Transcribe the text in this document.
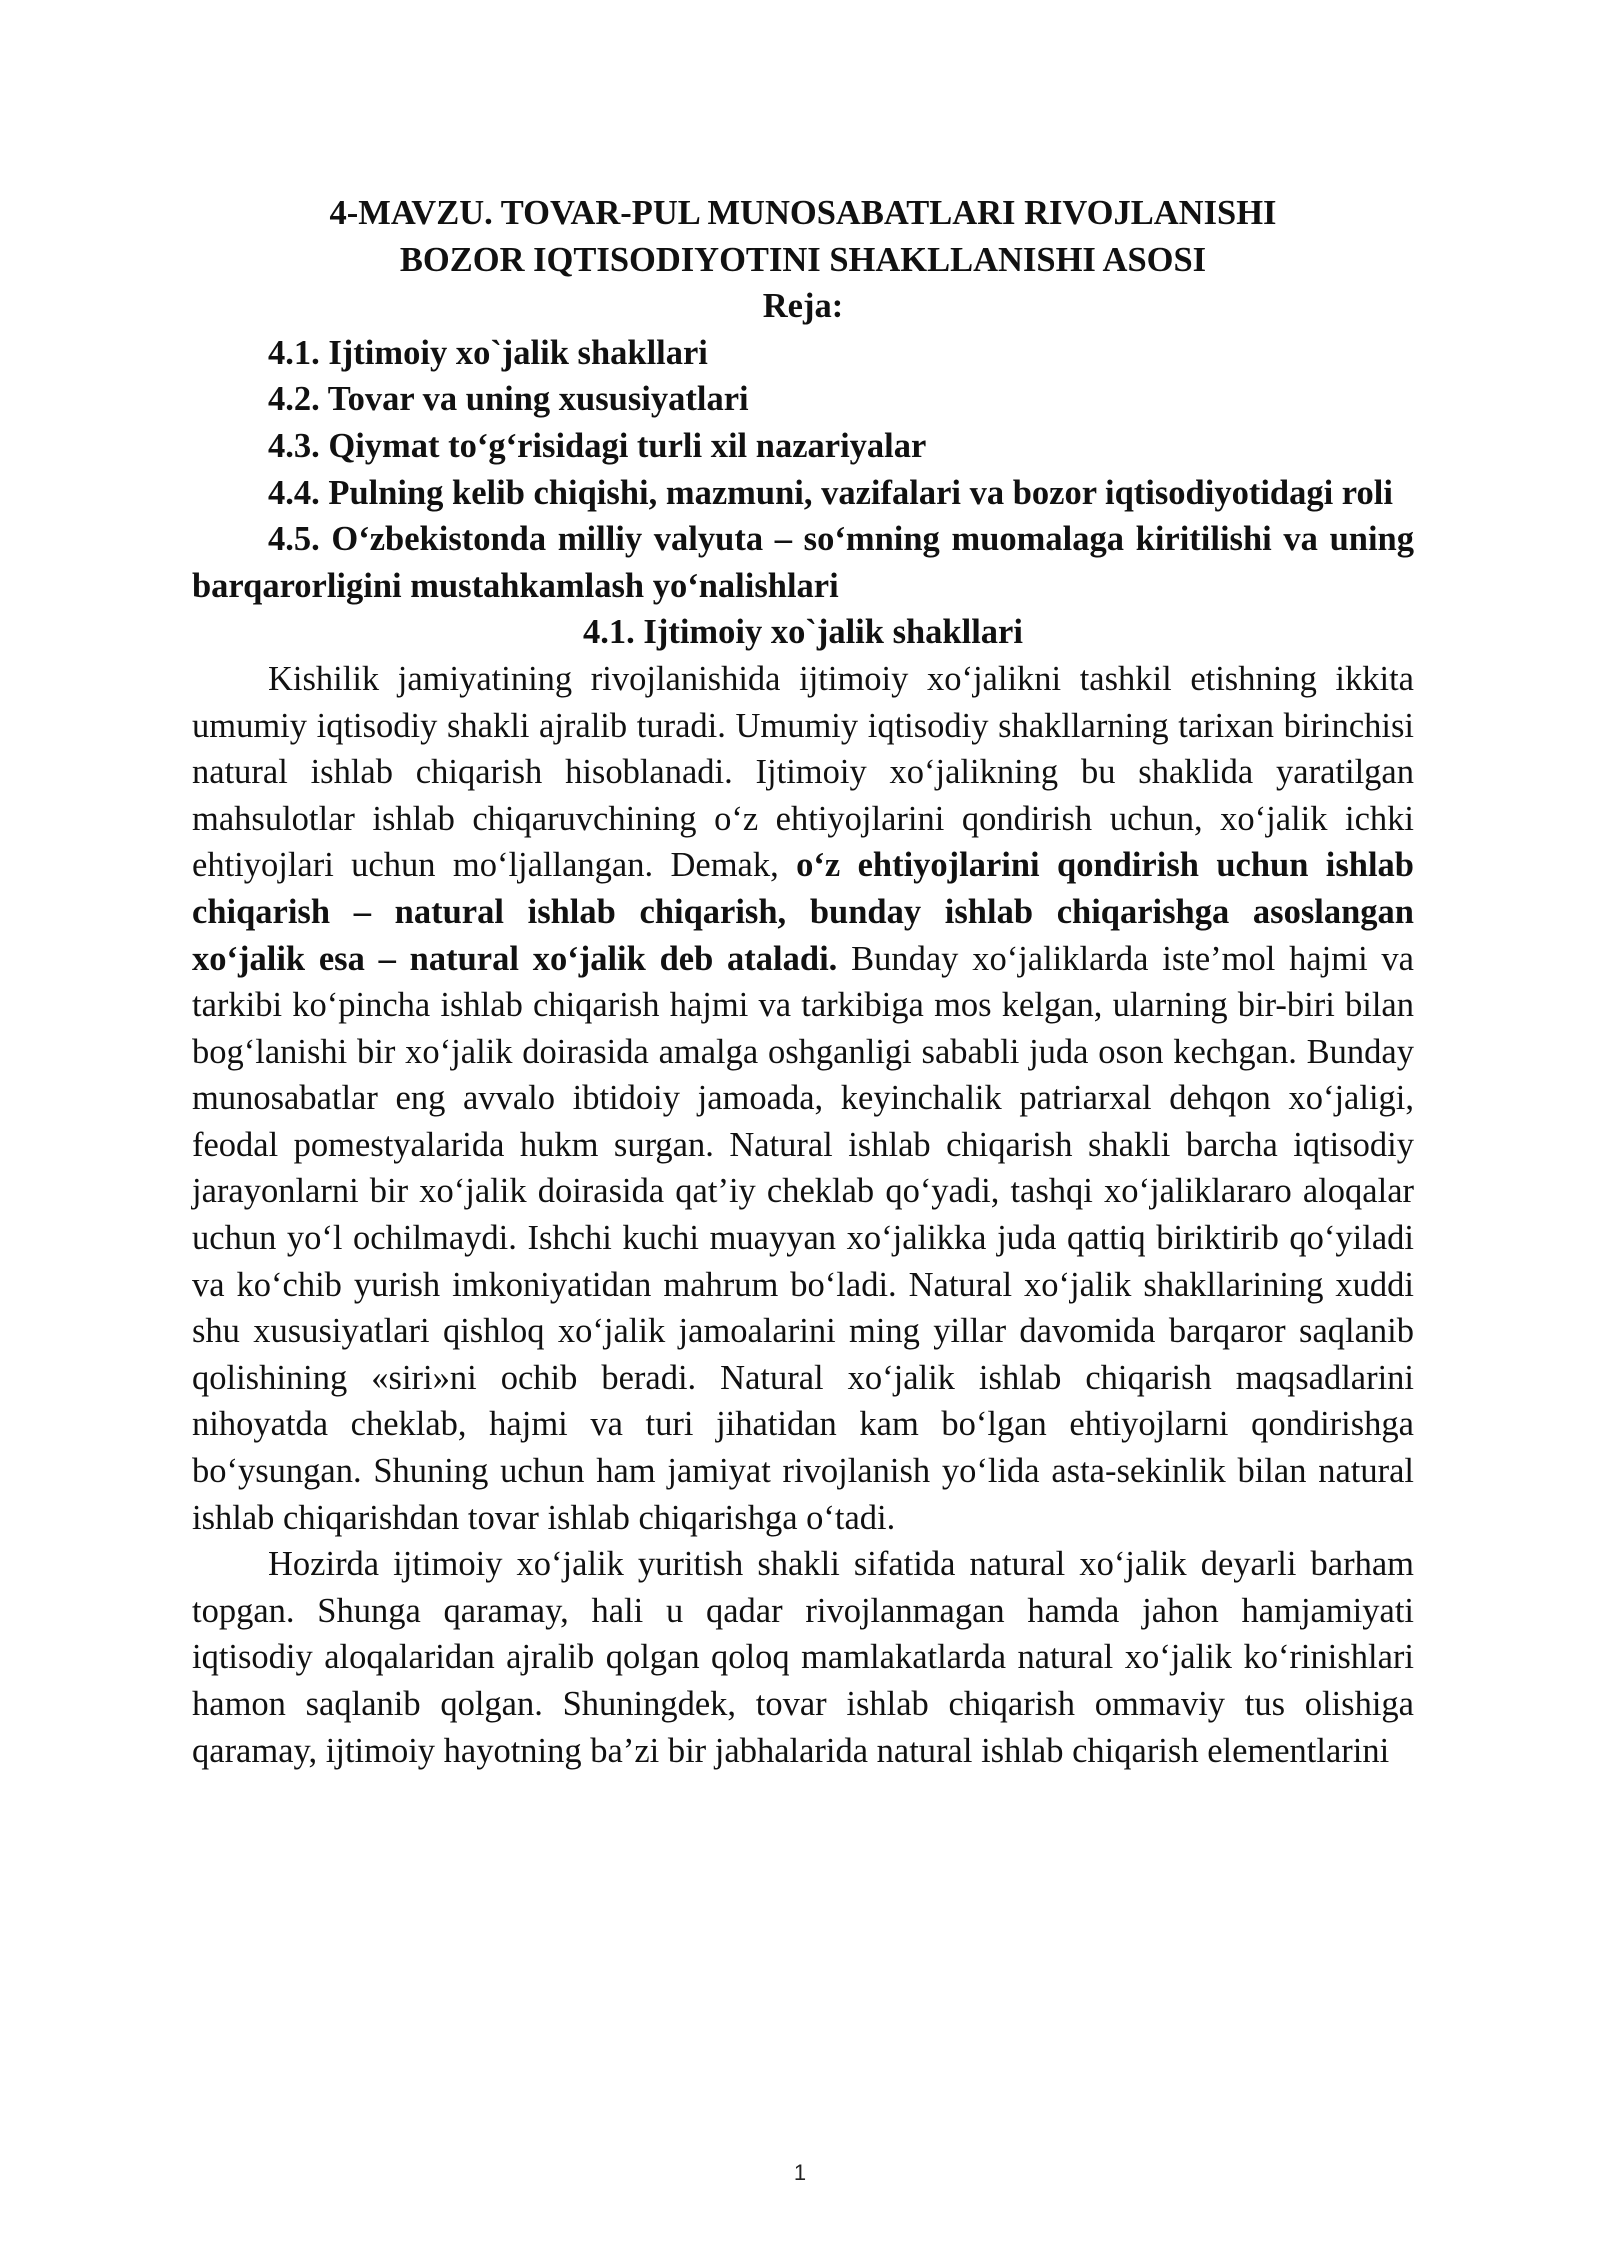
4-MAVZU. TOVAR-PUL MUNOSABATLARI RIVOJLANISHI
BOZOR IQTISODIYOTINI SHAKLLANISHI ASOSI
Reja:
4.1. Ijtimoiy xo`jalik shakllari
4.2. Tovar va uning xususiyatlari
4.3. Qiymat to‘g‘risidagi turli xil nazariyalar
4.4. Pulning kelib chiqishi, mazmuni, vazifalari va bozor iqtisodiyotidagi roli
4.5. O‘zbekistonda milliy valyuta – so‘mning muomalaga kiritilishi va uning barqarorligini mustahkamlash yo‘nalishlari
4.1. Ijtimoiy xo`jalik shakllari

Kishilik jamiyatining rivojlanishida ijtimoiy xo‘jalikni tashkil etishning ikkita umumiy iqtisodiy shakli ajralib turadi. Umumiy iqtisodiy shakllarning tarixan birinchisi natural ishlab chiqarish hisoblanadi. Ijtimoiy xo‘jalikning bu shaklida yaratilgan mahsulotlar ishlab chiqaruvchining o‘z ehtiyojlarini qondirish uchun, xo‘jalik ichki ehtiyojlari uchun mo‘ljallangan. Demak, o‘z ehtiyojlarini qondirish uchun ishlab chiqarish – natural ishlab chiqarish, bunday ishlab chiqarishga asoslangan xo‘jalik esa – natural xo‘jalik deb ataladi. Bunday xo‘jaliklarda iste’mol hajmi va tarkibi ko‘pincha ishlab chiqarish hajmi va tarkibiga mos kelgan, ularning bir-biri bilan bog‘lanishi bir xo‘jalik doirasida amalga oshganligi sababli juda oson kechgan. Bunday munosabatlar eng avvalo ibtidoiy jamoada, keyinchalik patriarxal dehqon xo‘jaligi, feodal pomestyalarida hukm surgan. Natural ishlab chiqarish shakli barcha iqtisodiy jarayonlarni bir xo‘jalik doirasida qat’iy cheklab qo‘yadi, tashqi xo‘jaliklararo aloqalar uchun yo‘l ochilmaydi. Ishchi kuchi muayyan xo‘jalikka juda qattiq biriktirib qo‘yiladi va ko‘chib yurish imkoniyatidan mahrum bo‘ladi. Natural xo‘jalik shakllarining xuddi shu xususiyatlari qishloq xo‘jalik jamoalarini ming yillar davomida barqaror saqlanib qolishining «siri»ni ochib beradi. Natural xo‘jalik ishlab chiqarish maqsadlarini nihoyatda cheklab, hajmi va turi jihatidan kam bo‘lgan ehtiyojlarni qondirishga bo‘ysungan. Shuning uchun ham jamiyat rivojlanish yo‘lida asta-sekinlik bilan natural ishlab chiqarishdan tovar ishlab chiqarishga o‘tadi.

Hozirda ijtimoiy xo‘jalik yuritish shakli sifatida natural xo‘jalik deyarli barham topgan. Shunga qaramay, hali u qadar rivojlanmagan hamda jahon hamjamiyati iqtisodiy aloqalaridan ajralib qolgan qoloq mamlakatlarda natural xo‘jalik ko‘rinishlari hamon saqlanib qolgan. Shuningdek, tovar ishlab chiqarish ommaviy tus olishiga qaramay, ijtimoiy hayotning ba’zi bir jabhalarida natural ishlab chiqarish elementlarini

1
